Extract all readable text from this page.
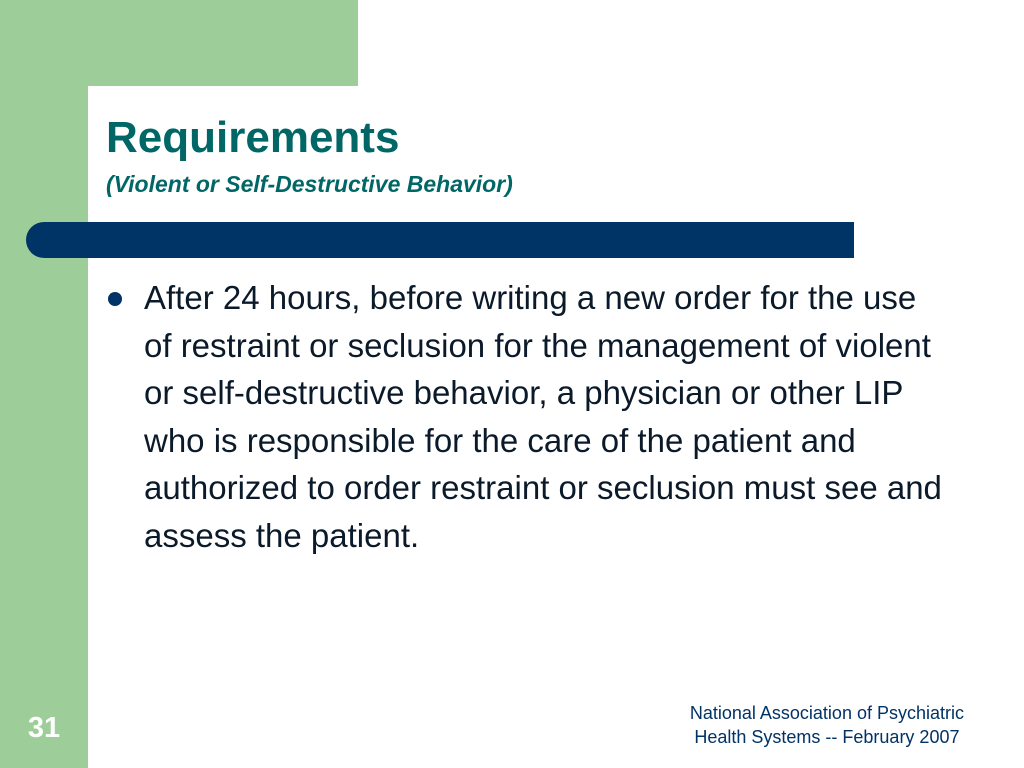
Requirements
(Violent or Self-Destructive Behavior)
After 24 hours, before writing a new order for the use of restraint or seclusion for the management of violent or self-destructive behavior, a physician or other LIP who is responsible for the care of the patient and authorized to order restraint or seclusion must see and assess the patient.
31	National Association of Psychiatric
Health Systems -- February 2007
